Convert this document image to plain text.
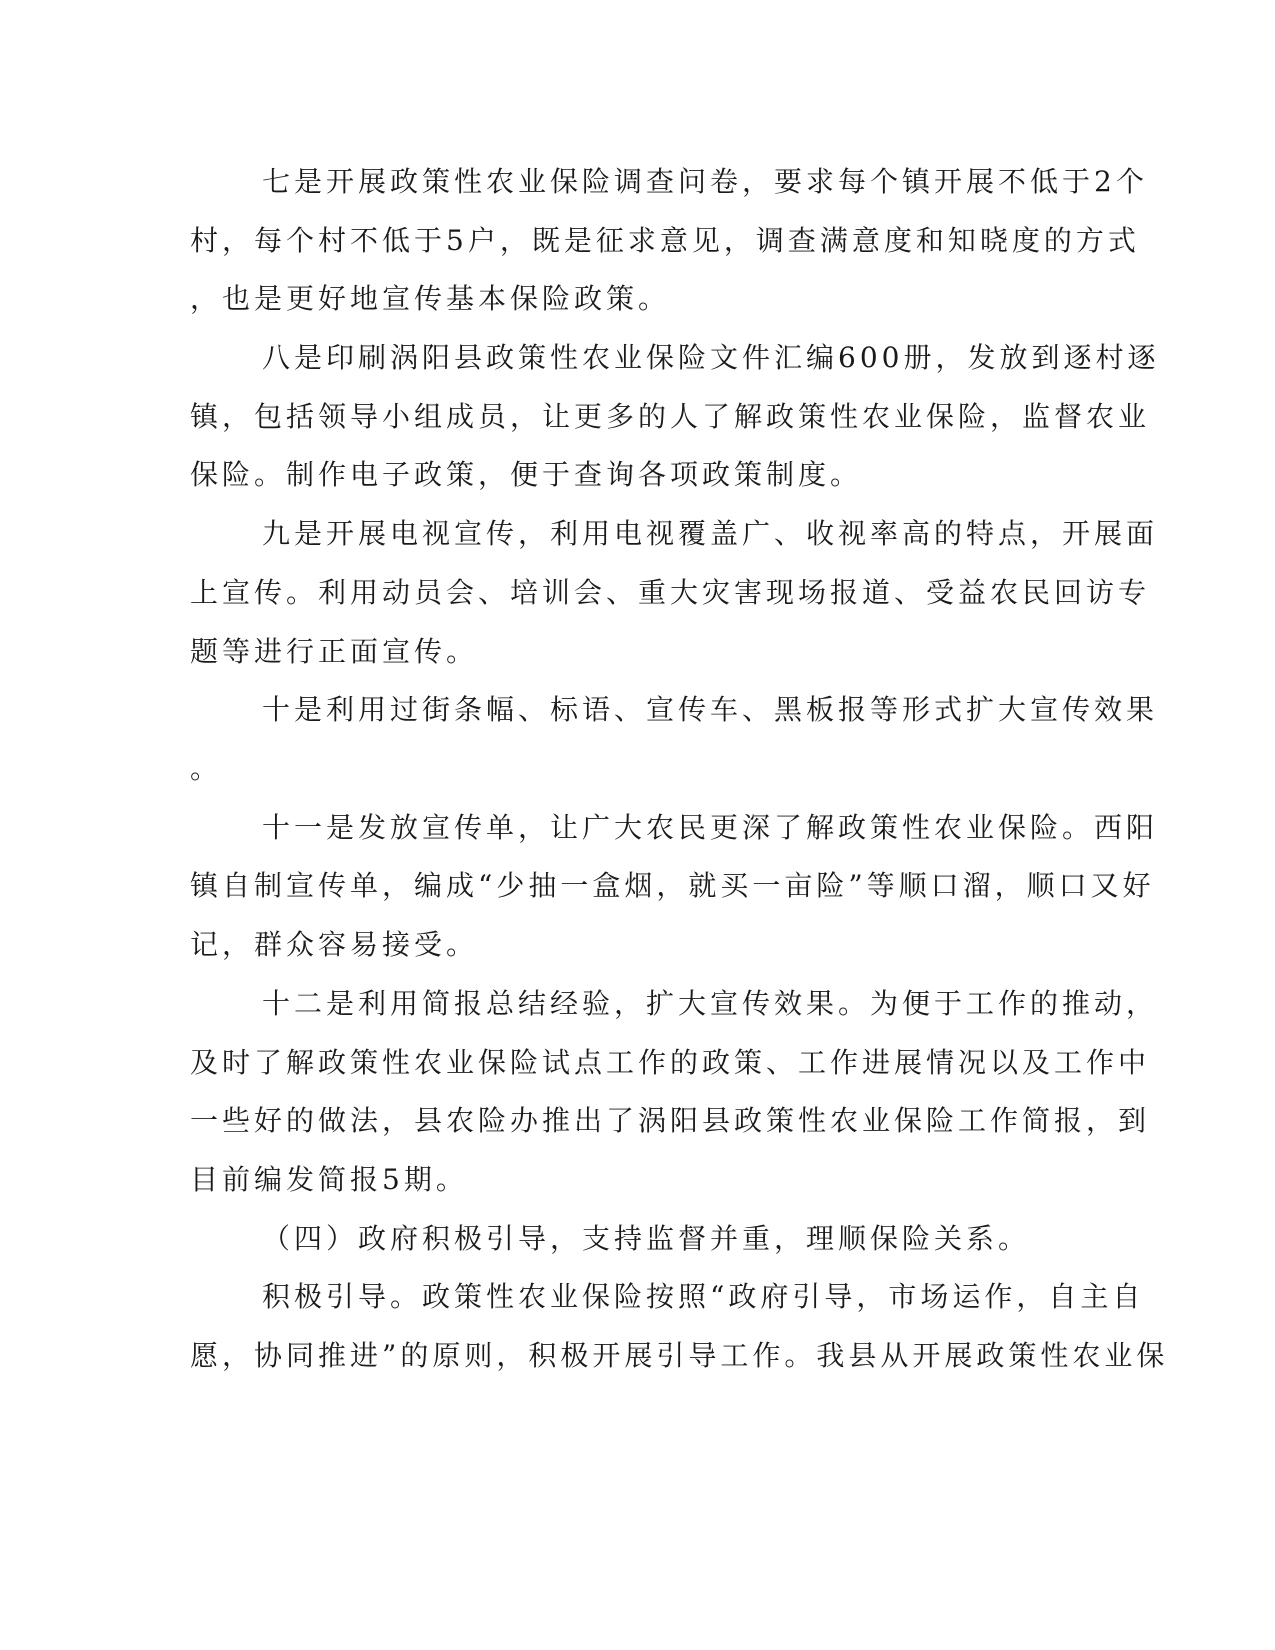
七是开展政策性农业保险调查问卷，要求每个镇开展不低于2个
村，每个村不低于5户，既是征求意见，调查满意度和知晓度的方式
，也是更好地宣传基本保险政策。
八是印刷涡阳县政策性农业保险文件汇编600册，发放到逐村逐
镇，包括领导小组成员，让更多的人了解政策性农业保险，监督农业
保险。制作电子政策，便于查询各项政策制度。
九是开展电视宣传，利用电视覆盖广、收视率高的特点，开展面
上宣传。利用动员会、培训会、重大灾害现场报道、受益农民回访专
题等进行正面宣传。
十是利用过街条幅、标语、宣传车、黑板报等形式扩大宣传效果
。
十一是发放宣传单，让广大农民更深了解政策性农业保险。西阳
镇自制宣传单，编成“少抽一盒烟，就买一亩险”等顺口溜，顺口又好
记，群众容易接受。
十二是利用简报总结经验，扩大宣传效果。为便于工作的推动，
及时了解政策性农业保险试点工作的政策、工作进展情况以及工作中
一些好的做法，县农险办推出了涡阳县政策性农业保险工作简报，到
目前编发简报5期。
（四）政府积极引导，支持监督并重，理顺保险关系。
积极引导。政策性农业保险按照“政府引导，市场运作，自主自
愿，协同推进”的原则，积极开展引导工作。我县从开展政策性农业保
